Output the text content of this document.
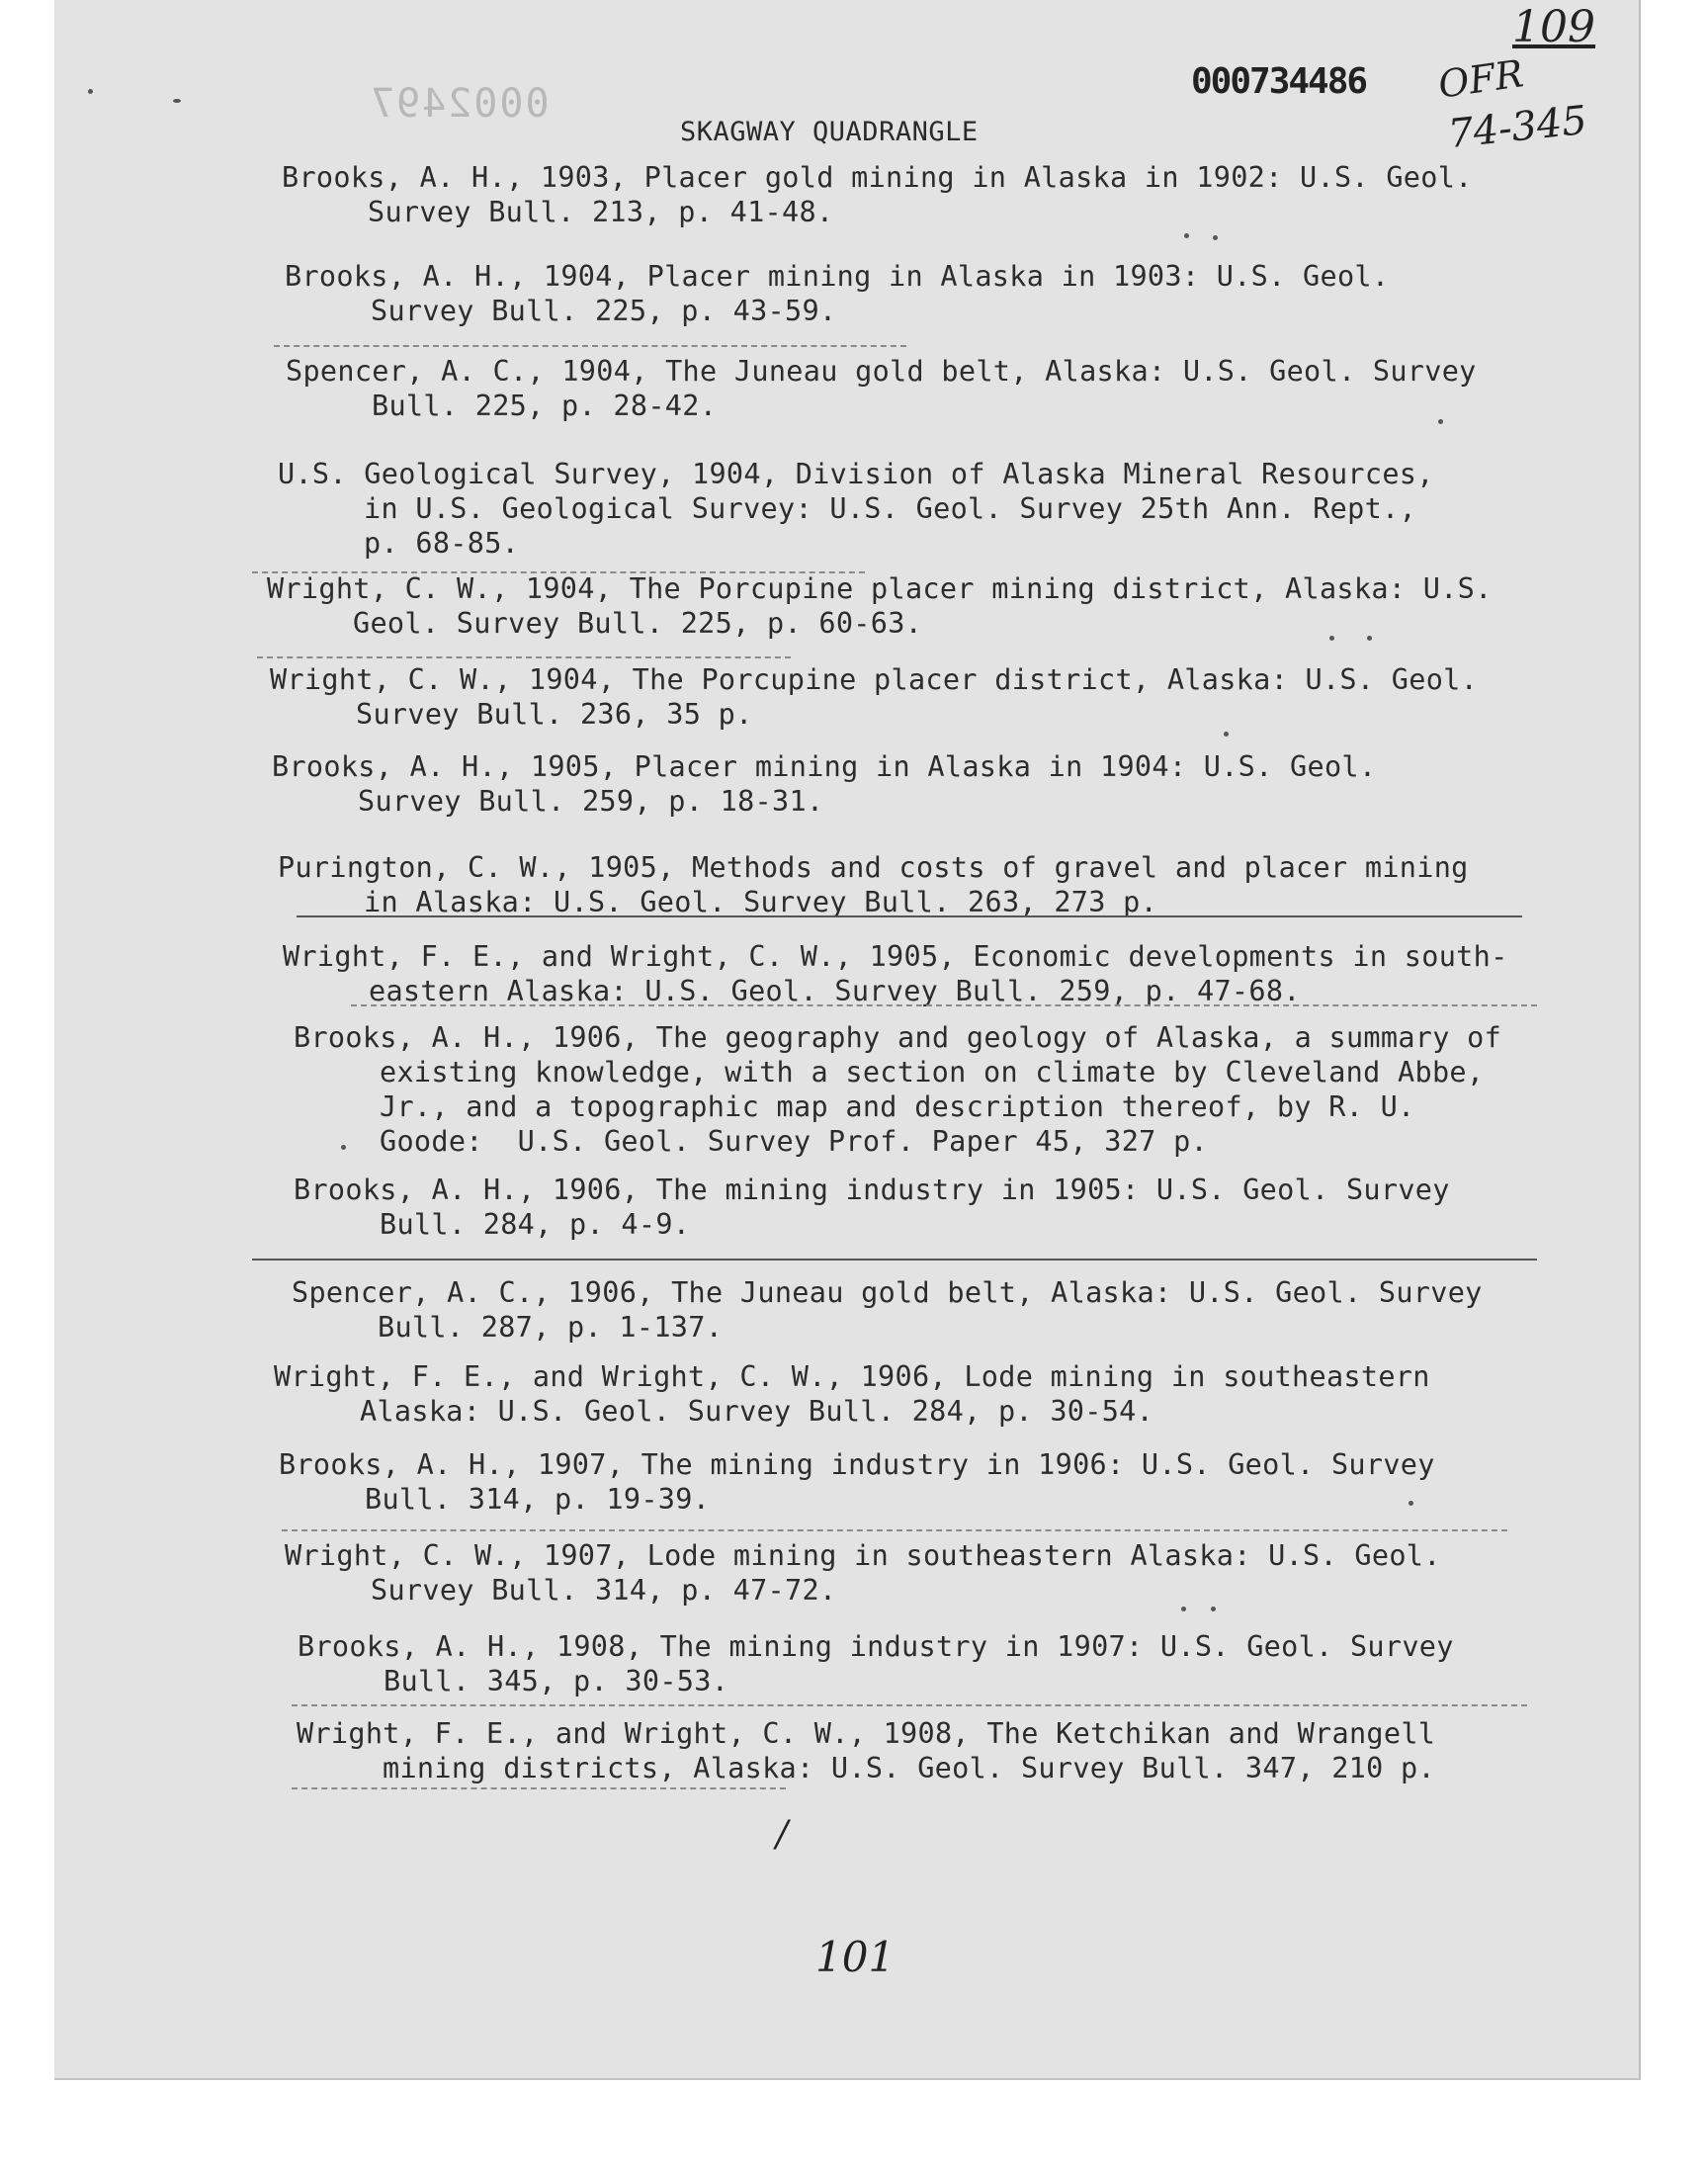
0002497
109
000734486 OFR
74-345
SKAGWAY QUADRANGLE
Brooks, A. H., 1903, Placer gold mining in Alaska in 1902: U.S. Geol.
Survey Bull. 213, p. 41-48.
Brooks, A. H., 1904, Placer mining in Alaska in 1903: U.S. Geol.
Survey Bull. 225, p. 43-59.
Spencer, A. C., 1904, The Juneau gold belt, Alaska: U.S. Geol. Survey
Bull. 225, p. 28-42.
U.S. Geological Survey, 1904, Division of Alaska Mineral Resources,
in U.S. Geological Survey: U.S. Geol. Survey 25th Ann. Rept.,
p. 68-85.
Wright, C. W., 1904, The Porcupine placer mining district, Alaska: U.S.
Geol. Survey Bull. 225, p. 60-63.
Wright, C. W., 1904, The Porcupine placer district, Alaska: U.S. Geol.
Survey Bull. 236, 35 p.
Brooks, A. H., 1905, Placer mining in Alaska in 1904: U.S. Geol.
Survey Bull. 259, p. 18-31.
Purington, C. W., 1905, Methods and costs of gravel and placer mining
in Alaska: U.S. Geol. Survey Bull. 263, 273 p.
Wright, F. E., and Wright, C. W., 1905, Economic developments in south-
eastern Alaska: U.S. Geol. Survey Bull. 259, p. 47-68.
Brooks, A. H., 1906, The geography and geology of Alaska, a summary of
existing knowledge, with a section on climate by Cleveland Abbe,
Jr., and a topographic map and description thereof, by R. U.
Goode:  U.S. Geol. Survey Prof. Paper 45, 327 p.
Brooks, A. H., 1906, The mining industry in 1905: U.S. Geol. Survey
Bull. 284, p. 4-9.
Spencer, A. C., 1906, The Juneau gold belt, Alaska: U.S. Geol. Survey
Bull. 287, p. 1-137.
Wright, F. E., and Wright, C. W., 1906, Lode mining in southeastern
Alaska: U.S. Geol. Survey Bull. 284, p. 30-54.
Brooks, A. H., 1907, The mining industry in 1906: U.S. Geol. Survey
Bull. 314, p. 19-39.
Wright, C. W., 1907, Lode mining in southeastern Alaska: U.S. Geol.
Survey Bull. 314, p. 47-72.
Brooks, A. H., 1908, The mining industry in 1907: U.S. Geol. Survey
Bull. 345, p. 30-53.
Wright, F. E., and Wright, C. W., 1908, The Ketchikan and Wrangell
mining districts, Alaska: U.S. Geol. Survey Bull. 347, 210 p.
/
101
